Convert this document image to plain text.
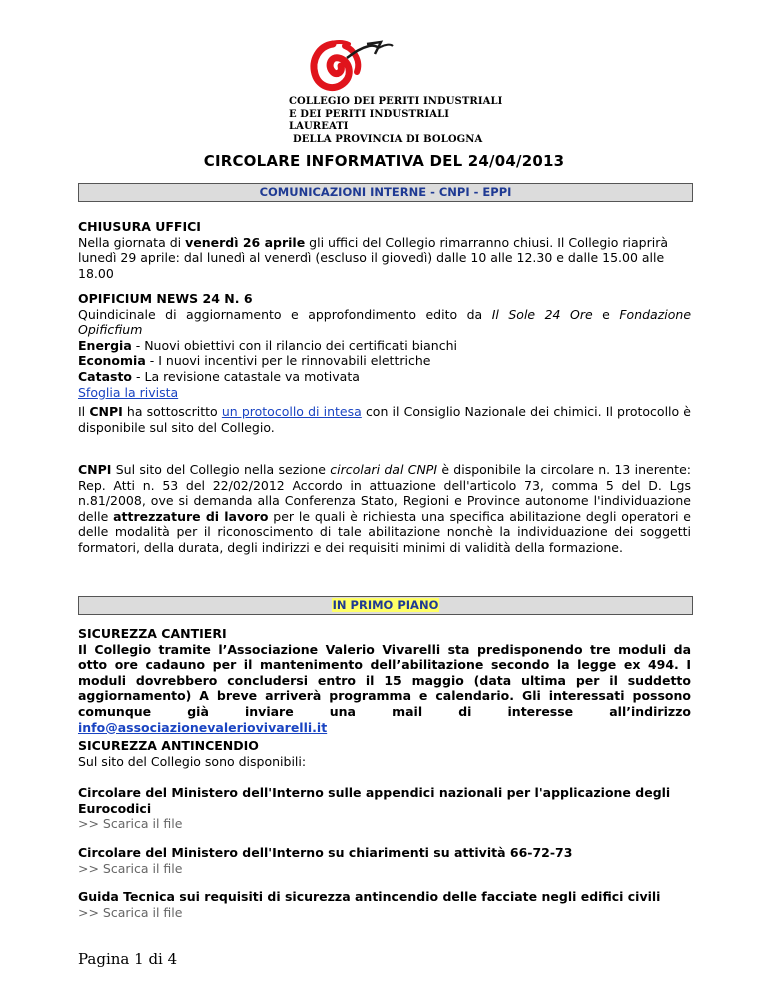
COLLEGIO DEI PERITI INDUSTRIALI
E DEI PERITI INDUSTRIALI LAUREATI
DELLA PROVINCIA DI BOLOGNA
CIRCOLARE INFORMATIVA DEL 24/04/2013
COMUNICAZIONI INTERNE - CNPI - EPPI

CHIUSURA UFFICI

Nella giornata di venerdì 26 aprile gli uffici del Collegio rimarranno chiusi. Il Collegio riaprirà lunedì 29 aprile: dal lunedì al venerdì (escluso il giovedì) dalle 10 alle 12.30 e dalle 15.00 alle 18.00

OPIFICIUM NEWS 24 N. 6

Quindicinale di aggiornamento e approfondimento edito da Il Sole 24 Ore e Fondazione Opificfium

Energia - Nuovi obiettivi con il rilancio dei certificati bianchi

Economia - I nuovi incentivi per le rinnovabili elettriche

Catasto - La revisione catastale va motivata

Sfoglia la rivista

Il CNPI ha sottoscritto un protocollo di intesa con il Consiglio Nazionale dei chimici. Il protocollo è disponibile sul sito del Collegio.

CNPI Sul sito del Collegio nella sezione circolari dal CNPI è disponibile la circolare n. 13 inerente: Rep. Atti n. 53 del 22/02/2012 Accordo in attuazione dell'articolo 73, comma 5 del D. Lgs n.81/2008, ove si demanda alla Conferenza Stato, Regioni e Province autonome l'individuazione delle attrezzature di lavoro per le quali è richiesta una specifica abilitazione degli operatori e delle modalità per il riconoscimento di tale abilitazione nonchè la individuazione dei soggetti formatori, della durata, degli indirizzi e dei requisiti minimi di validità della formazione.

IN PRIMO PIANO

SICUREZZA CANTIERI

Il Collegio tramite l’Associazione Valerio Vivarelli sta predisponendo tre moduli da otto ore cadauno per il mantenimento dell’abilitazione secondo la legge ex 494. I moduli dovrebbero concludersi entro il 15 maggio (data ultima per il suddetto aggiornamento) A breve arriverà programma e calendario. Gli interessati possono comunque già inviare una mail di interesse all’indirizzo

info@associazionevaleriovivarelli.it

SICUREZZA ANTINCENDIO

Sul sito del Collegio sono disponibili:

Circolare del Ministero dell'Interno sulle appendici nazionali per l'applicazione degli Eurocodici

>> Scarica il file

Circolare del Ministero dell'Interno su chiarimenti su attività 66-72-73

>> Scarica il file

Guida Tecnica sui requisiti di sicurezza antincendio delle facciate negli edifici civili

>> Scarica il file

Pagina 1 di 4
